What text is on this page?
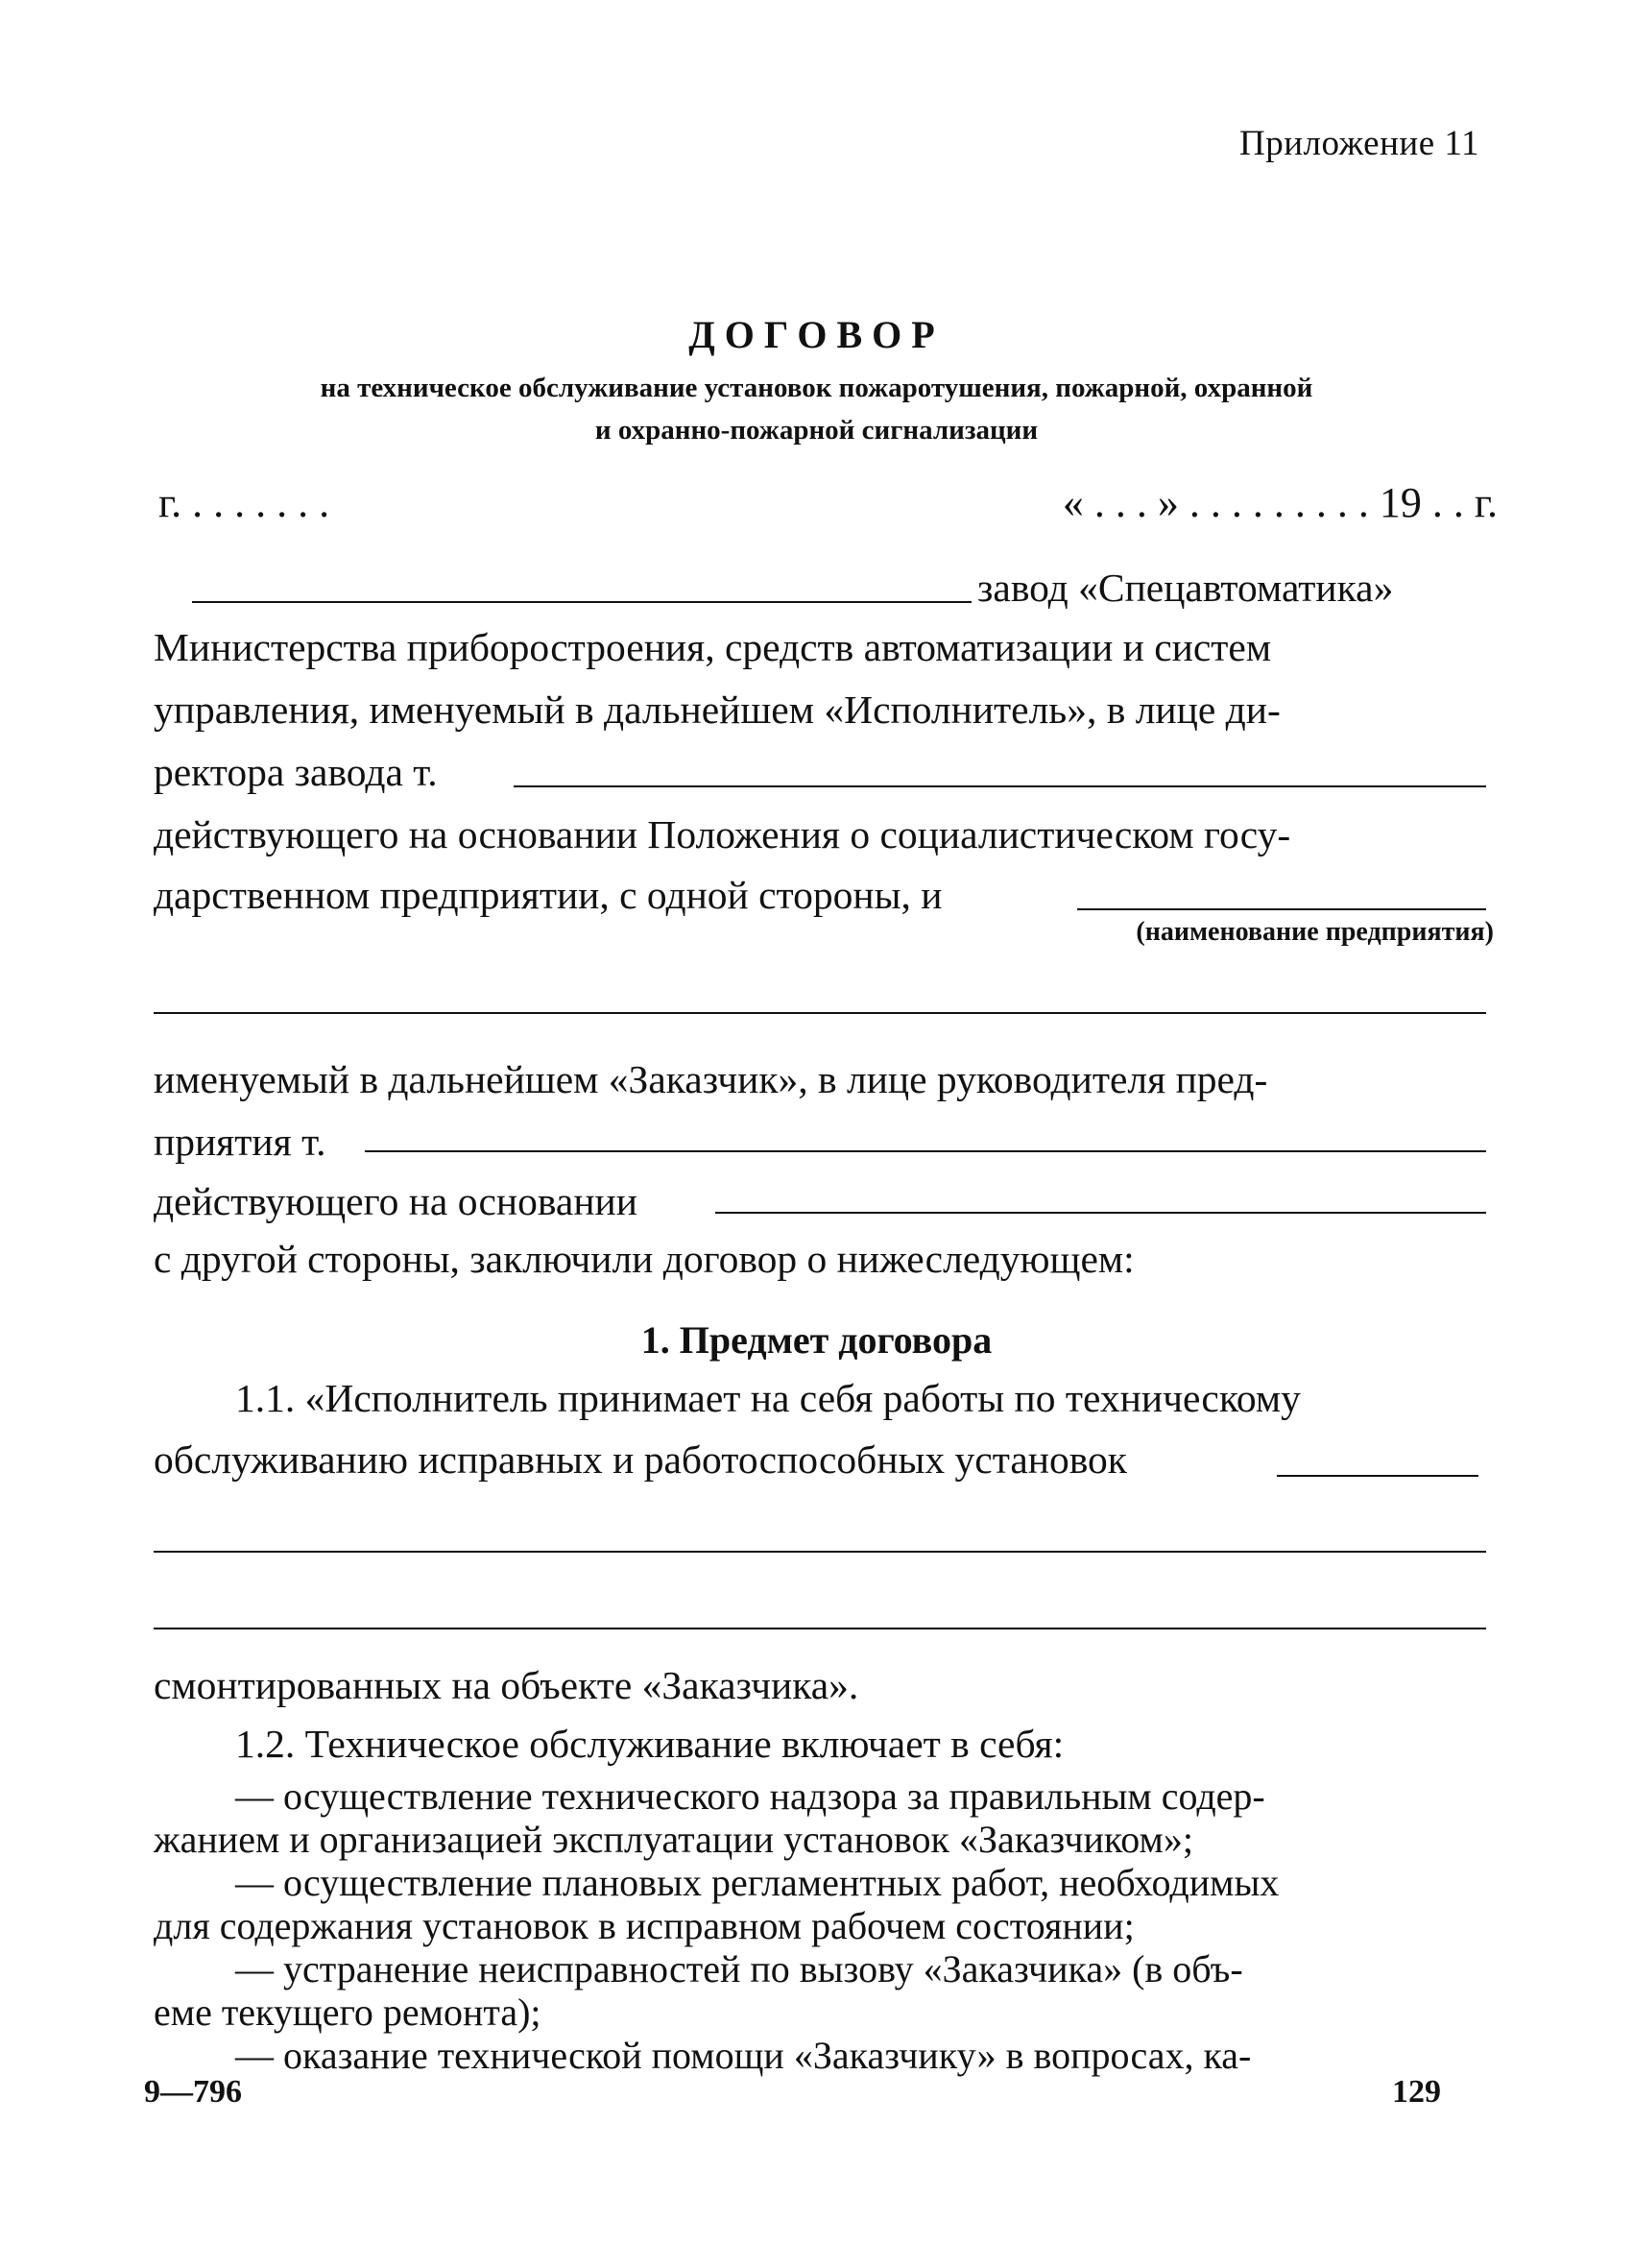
Приложение 11
ДОГОВОР
на техническое обслуживание установок пожаротушения, пожарной, охранной
и охранно-пожарной сигнализации
г. . . . . . . .	« . . . » . . . . . . . . . 19 . . г.
завод «Спецавтоматика»
Министерства приборостроения, средств автоматизации и систем
управления, именуемый в дальнейшем «Исполнитель», в лице ди-
ректора завода т.
действующего на основании Положения о социалистическом госу-
дарственном предприятии, с одной стороны, и
(наименование предприятия)
именуемый в дальнейшем «Заказчик», в лице руководителя пред-
приятия т.
действующего на основании
с другой стороны, заключили договор о нижеследующем:
1. Предмет договора
1.1. «Исполнитель принимает на себя работы по техническому
обслуживанию исправных и работоспособных установок
смонтированных на объекте «Заказчика».
1.2. Техническое обслуживание включает в себя:
— осуществление технического надзора за правильным содер-
жанием и организацией эксплуатации установок «Заказчиком»;
— осуществление плановых регламентных работ, необходимых
для содержания установок в исправном рабочем состоянии;
— устранение неисправностей по вызову «Заказчика» (в объ-
еме текущего ремонта);
— оказание технической помощи «Заказчику» в вопросах, ка-
9—796	129
